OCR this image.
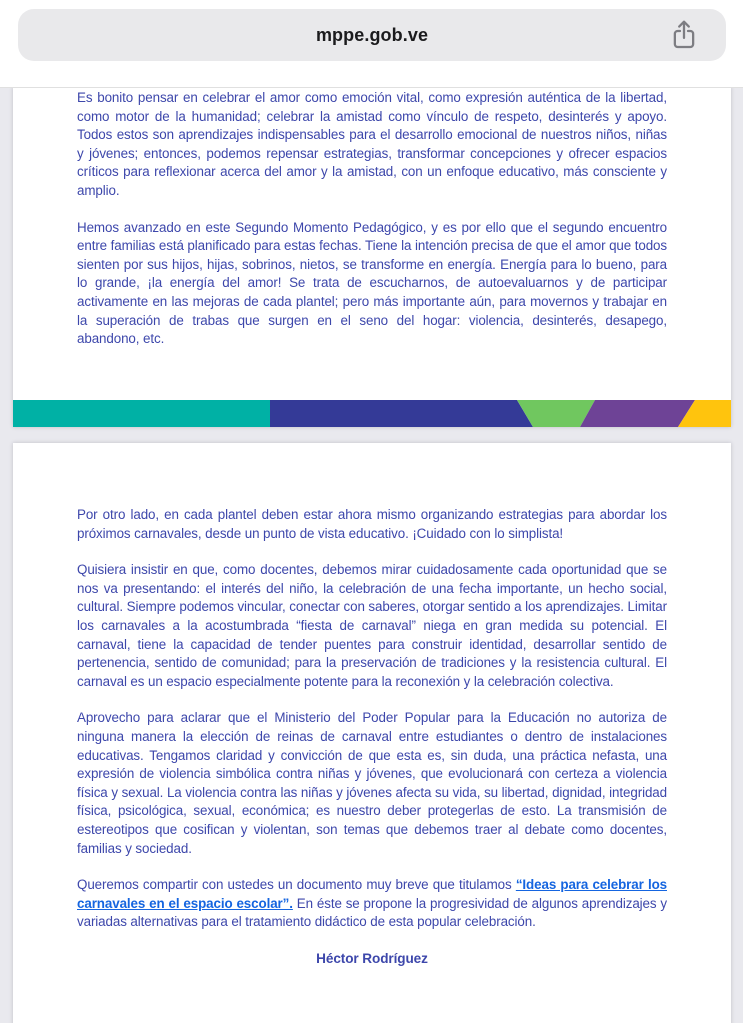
Es bonito pensar en celebrar el amor como emoción vital, como expresión auténtica de la libertad, como motor de la humanidad; celebrar la amistad como vínculo de respeto, desinterés y apoyo. Todos estos son aprendizajes indispensables para el desarrollo emocional de nuestros niños, niñas y jóvenes; entonces, podemos repensar estrategias, transformar concepciones y ofrecer espacios críticos para reflexionar acerca del amor y la amistad, con un enfoque educativo, más consciente y amplio.

Hemos avanzado en este Segundo Momento Pedagógico, y es por ello que el segundo encuentro entre familias está planificado para estas fechas. Tiene la intención precisa de que el amor que todos sienten por sus hijos, hijas, sobrinos, nietos, se transforme en energía. Energía para lo bueno, para lo grande, ¡la energía del amor! Se trata de escucharnos, de autoevaluarnos y de participar activamente en las mejoras de cada plantel; pero más importante aún, para movernos y trabajar en la superación de trabas que surgen en el seno del hogar: violencia, desinterés, desapego, abandono, etc.

Por otro lado, en cada plantel deben estar ahora mismo organizando estrategias para abordar los próximos carnavales, desde un punto de vista educativo. ¡Cuidado con lo simplista!

Quisiera insistir en que, como docentes, debemos mirar cuidadosamente cada oportunidad que se nos va presentando: el interés del niño, la celebración de una fecha importante, un hecho social, cultural. Siempre podemos vincular, conectar con saberes, otorgar sentido a los aprendizajes. Limitar los carnavales a la acostumbrada “fiesta de carnaval” niega en gran medida su potencial. El carnaval, tiene la capacidad de tender puentes para construir identidad, desarrollar sentido de pertenencia, sentido de comunidad; para la preservación de tradiciones y la resistencia cultural. El carnaval es un espacio especialmente potente para la reconexión y la celebración colectiva.

Aprovecho para aclarar que el Ministerio del Poder Popular para la Educación no autoriza de ninguna manera la elección de reinas de carnaval entre estudiantes o dentro de instalaciones educativas. Tengamos claridad y convicción de que esta es, sin duda, una práctica nefasta, una expresión de violencia simbólica contra niñas y jóvenes, que evolucionará con certeza a violencia física y sexual. La violencia contra las niñas y jóvenes afecta su vida, su libertad, dignidad, integridad física, psicológica, sexual, económica; es nuestro deber protegerlas de esto. La transmisión de estereotipos que cosifican y violentan, son temas que debemos traer al debate como docentes, familias y sociedad.

Queremos compartir con ustedes un documento muy breve que titulamos “Ideas para celebrar los carnavales en el espacio escolar”. En éste se propone la progresividad de algunos aprendizajes y variadas alternativas para el tratamiento didáctico de esta popular celebración.

Héctor Rodríguez

mppe.gob.ve
